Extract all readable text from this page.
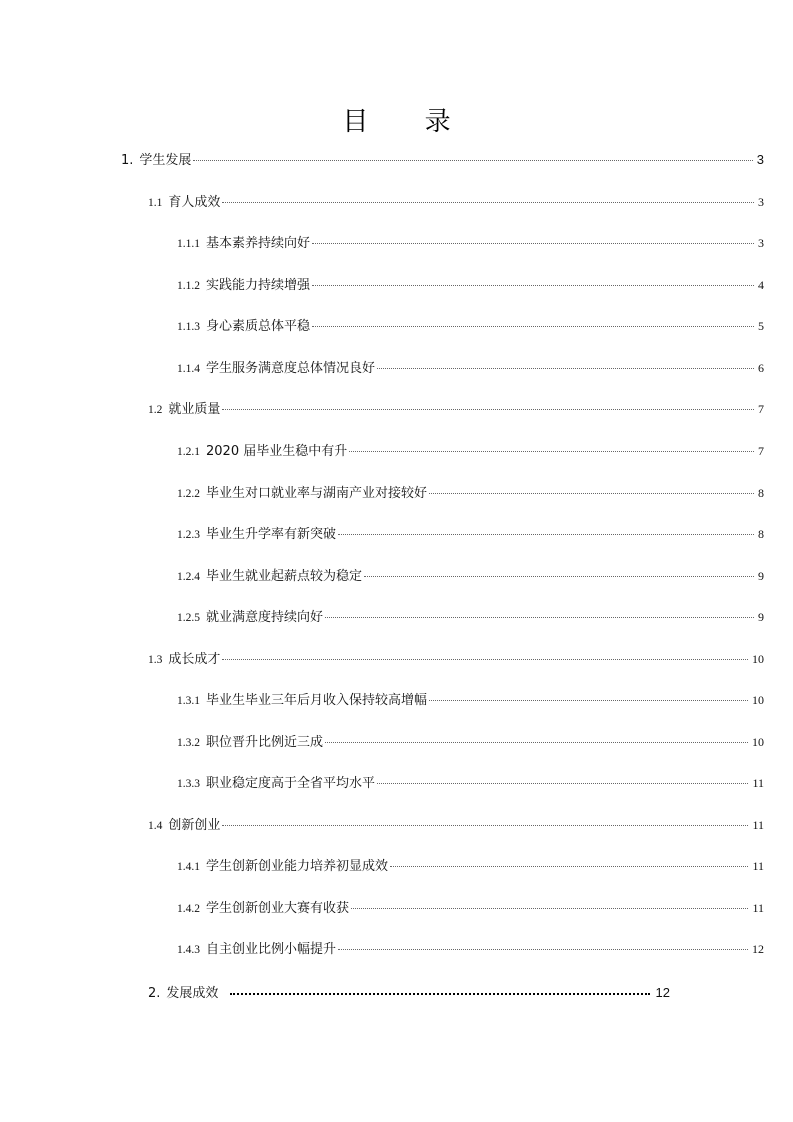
目 录
1. 学生发展	3
1.1 育人成效	3
1.1.1 基本素养持续向好	3
1.1.2 实践能力持续增强	4
1.1.3 身心素质总体平稳	5
1.1.4 学生服务满意度总体情况良好	6
1.2 就业质量	7
1.2.1 2020 届毕业生稳中有升	7
1.2.2 毕业生对口就业率与湖南产业对接较好	8
1.2.3 毕业生升学率有新突破	8
1.2.4 毕业生就业起薪点较为稳定	9
1.2.5 就业满意度持续向好	9
1.3 成长成才	10
1.3.1 毕业生毕业三年后月收入保持较高增幅	10
1.3.2 职位晋升比例近三成	10
1.3.3 职业稳定度高于全省平均水平	11
1.4 创新创业	11
1.4.1 学生创新创业能力培养初显成效	11
1.4.2 学生创新创业大赛有收获	11
1.4.3 自主创业比例小幅提升	12
2. 发展成效	12
